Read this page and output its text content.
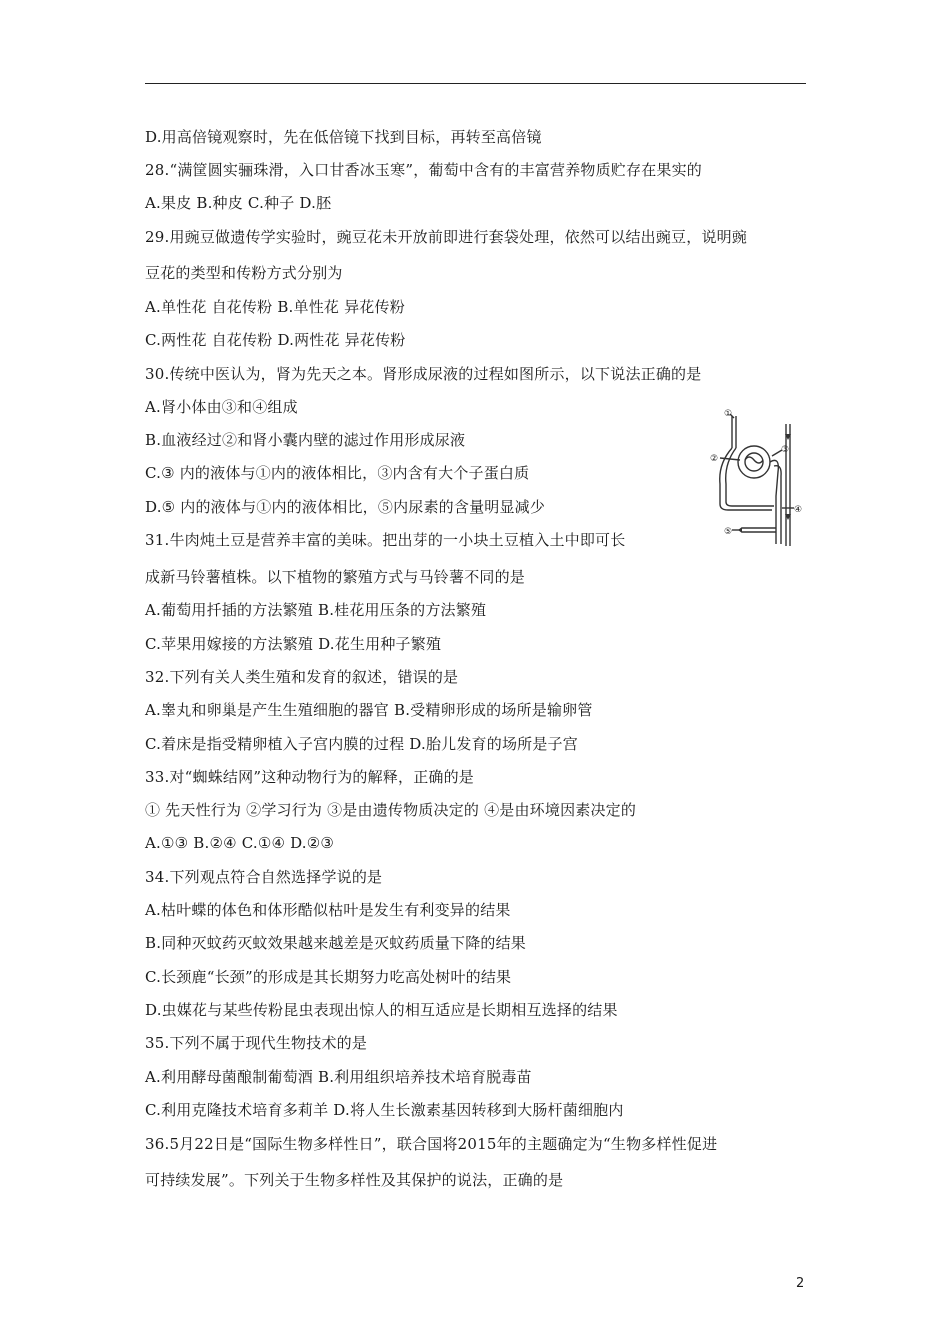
D.用高倍镜观察时，先在低倍镜下找到目标，再转至高倍镜
28.“满筐圆实骊珠滑，入口甘香冰玉寒”，葡萄中含有的丰富营养物质贮存在果实的
A.果皮 B.种皮 C.种子 D.胚
29.用豌豆做遗传学实验时，豌豆花未开放前即进行套袋处理，依然可以结出豌豆，说明豌
豆花的类型和传粉方式分别为
A.单性花 自花传粉 B.单性花 异花传粉
C.两性花 自花传粉 D.两性花 异花传粉
30.传统中医认为，肾为先天之本。肾形成尿液的过程如图所示，以下说法正确的是
A.肾小体由③和④组成
B.血液经过②和肾小囊内壁的滤过作用形成尿液
C.③ 内的液体与①内的液体相比，③内含有大个子蛋白质
D.⑤ 内的液体与①内的液体相比，⑤内尿素的含量明显减少
31.牛肉炖土豆是营养丰富的美味。把出芽的一小块土豆植入土中即可长
成新马铃薯植株。以下植物的繁殖方式与马铃薯不同的是
A.葡萄用扦插的方法繁殖 B.桂花用压条的方法繁殖
C.苹果用嫁接的方法繁殖 D.花生用种子繁殖
32.下列有关人类生殖和发育的叙述，错误的是
A.睾丸和卵巢是产生生殖细胞的器官 B.受精卵形成的场所是输卵管
C.着床是指受精卵植入子宫内膜的过程 D.胎儿发育的场所是子宫
33.对“蜘蛛结网”这种动物行为的解释，正确的是
① 先天性行为 ②学习行为 ③是由遗传物质决定的 ④是由环境因素决定的
A.①③ B.②④ C.①④ D.②③
34.下列观点符合自然选择学说的是
A.枯叶蝶的体色和体形酷似枯叶是发生有利变异的结果
B.同种灭蚊药灭蚊效果越来越差是灭蚊药质量下降的结果
C.长颈鹿“长颈”的形成是其长期努力吃高处树叶的结果
D.虫媒花与某些传粉昆虫表现出惊人的相互适应是长期相互选择的结果
35.下列不属于现代生物技术的是
A.利用酵母菌酿制葡萄酒 B.利用组织培养技术培育脱毒苗
C.利用克隆技术培育多莉羊 D.将人生长激素基因转移到大肠杆菌细胞内
36.5月22日是“国际生物多样性日”，联合国将2015年的主题确定为“生物多样性促进
可持续发展”。下列关于生物多样性及其保护的说法，正确的是
①
②
③
④
⑤
2
